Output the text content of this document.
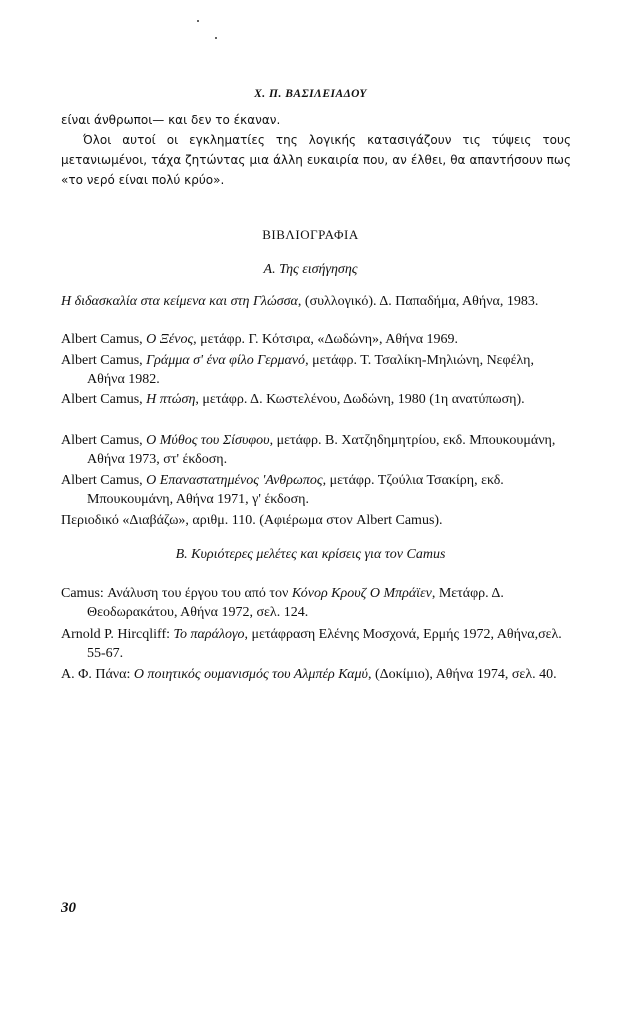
Χ. Π. ΒΑΣΙΛΕΙΑΔΟΥ

είναι άνθρωποι— και δεν το έκαναν.

Όλοι αυτοί οι εγκληματίες της λογικής κατασιγάζουν τις τύψεις τους μετανιωμένοι, τάχα ζητώντας μια άλλη ευκαιρία που, αν έλθει, θα απαντήσουν πως «το νερό είναι πολύ κρύο».

ΒΙΒΛΙΟΓΡΑΦΙΑ
Α. Της εισήγησης

Η διδασκαλία στα κείμενα και στη Γλώσσα, (συλλογικό). Δ. Παπαδήμα, Αθήνα, 1983.

Albert Camus, Ο Ξένος, μετάφρ. Γ. Κότσιρα, «Δωδώνη», Αθήνα 1969.

Albert Camus, Γράμμα σ' ένα φίλο Γερμανό, μετάφρ. Τ. Τσαλίκη-Μηλιώνη, Νεφέλη, Αθήνα 1982.

Albert Camus, Η πτώση, μετάφρ. Δ. Κωστελένου, Δωδώνη, 1980 (1η ανατύπωση).

Albert Camus, Ο Μύθος του Σίσυφου, μετάφρ. Β. Χατζηδημητρίου, εκδ. Μπουκουμάνη, Αθήνα 1973, στ' έκδοση.

Albert Camus, Ο Επαναστατημένος 'Ανθρωπος, μετάφρ. Τζούλια Τσακίρη, εκδ. Μπουκουμάνη, Αθήνα 1971, γ' έκδοση.

Περιοδικό «Διαβάζω», αριθμ. 110. (Αφιέρωμα στον Albert Camus).

Β. Κυριότερες μελέτες και κρίσεις για τον Camus

Camus: Ανάλυση του έργου του από τον Κόνορ Κρουζ Ο Μπράϊεν, Μετάφρ. Δ. Θεοδωρακάτου, Αθήνα 1972, σελ. 124.

Arnold P. Hircqliff: Το παράλογο, μετάφραση Ελένης Μοσχονά, Ερμής 1972, Αθήνα,σελ. 55-67.

Α. Φ. Πάνα: Ο ποιητικός ουμανισμός του Αλμπέρ Καμύ, (Δοκίμιο), Αθήνα 1974, σελ. 40.

30
